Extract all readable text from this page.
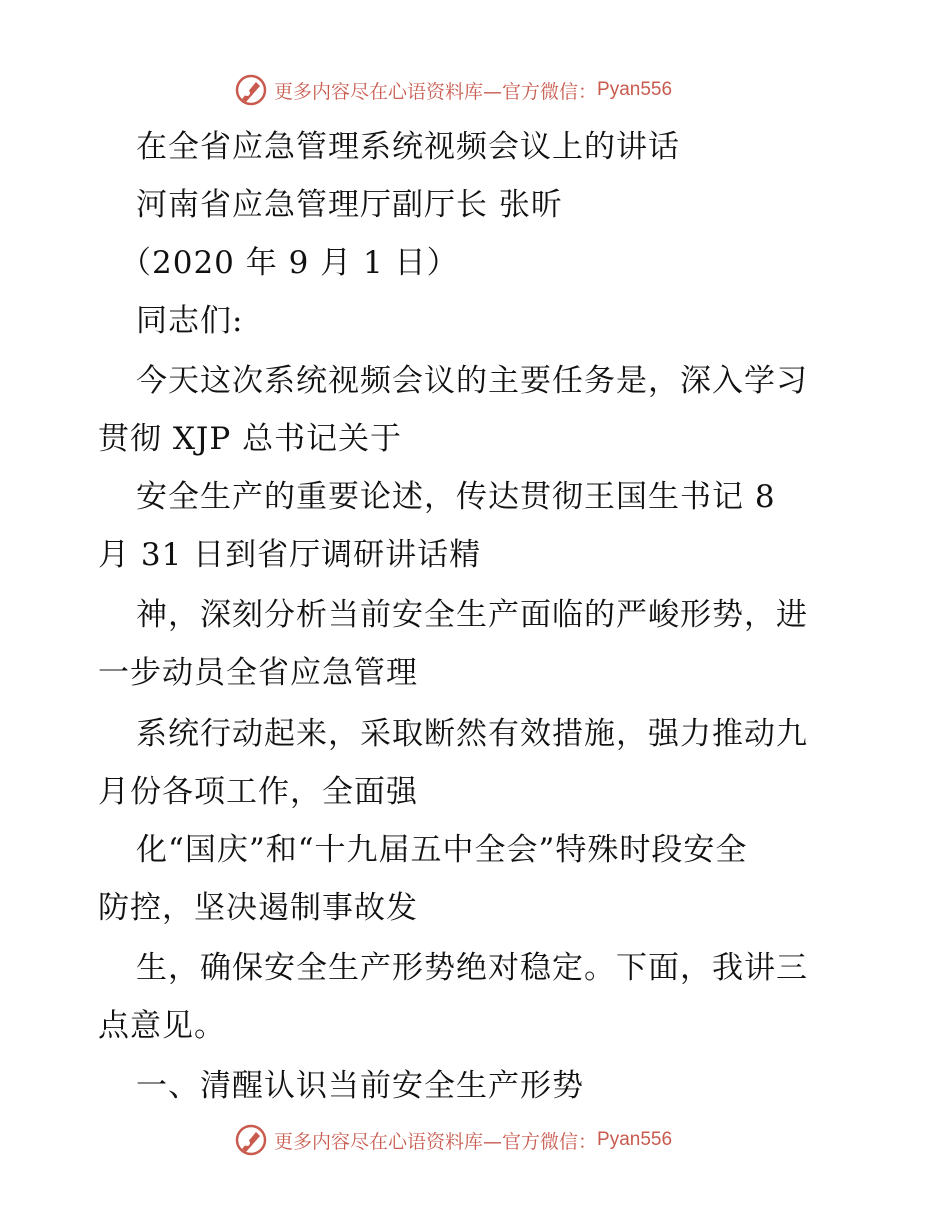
更多内容尽在心语资料库—官方微信： Pyan556
在全省应急管理系统视频会议上的讲话
河南省应急管理厅副厅长 张昕
（2020 年 9 月 1 日）
同志们:
今天这次系统视频会议的主要任务是，深入学习
贯彻 XJP 总书记关于
安全生产的重要论述，传达贯彻王国生书记 8
月 31 日到省厅调研讲话精
神，深刻分析当前安全生产面临的严峻形势，进
一步动员全省应急管理
系统行动起来，采取断然有效措施，强力推动九
月份各项工作，全面强
化“国庆”和“十九届五中全会”特殊时段安全
防控，坚决遏制事故发
生，确保安全生产形势绝对稳定。下面，我讲三
点意见。
一、清醒认识当前安全生产形势
更多内容尽在心语资料库—官方微信： Pyan556
